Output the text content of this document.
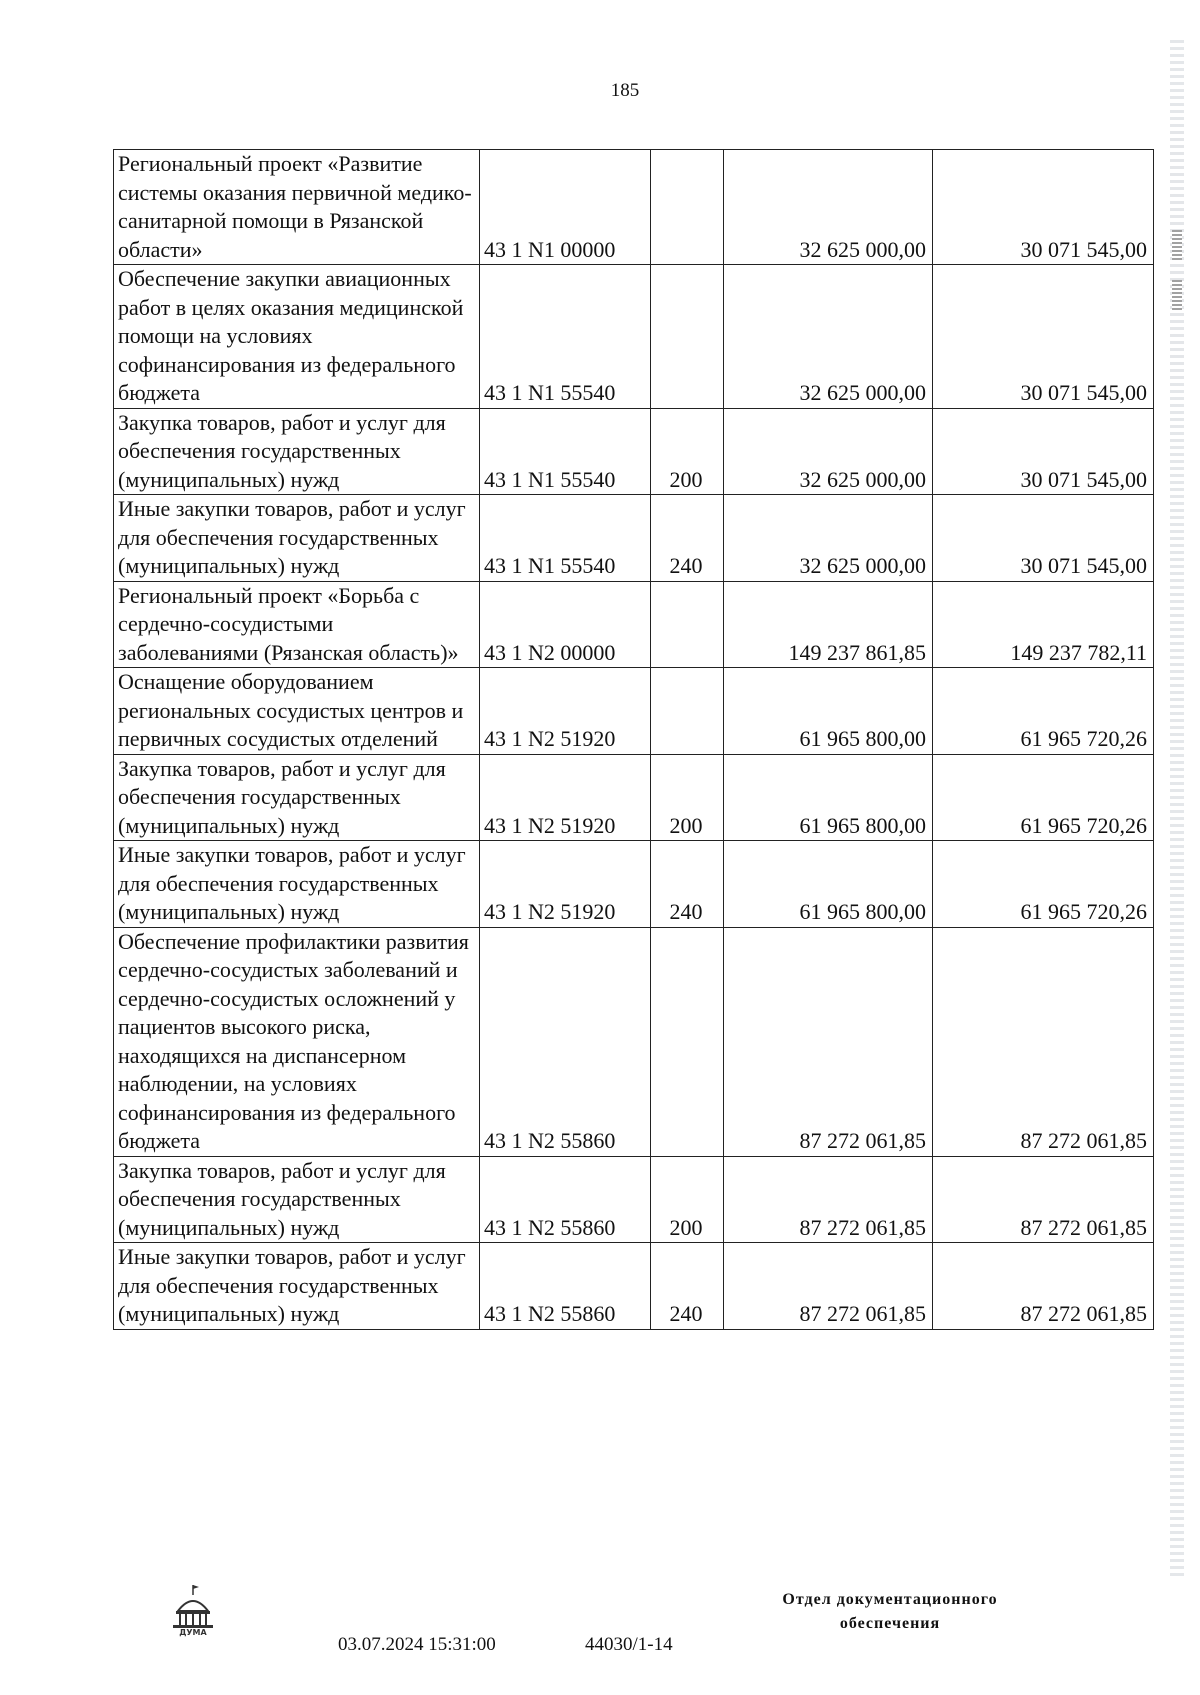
185
Региональный проект «Развитие системы оказания первичной медико-санитарной помощи в Рязанской области»	43 1 N1 00000		32 625 000,00	30 071 545,00
Обеспечение закупки авиационных работ в целях оказания медицинской помощи на условиях софинансирования из федерального бюджета	43 1 N1 55540		32 625 000,00	30 071 545,00
Закупка товаров, работ и услуг для обеспечения государственных (муниципальных) нужд	43 1 N1 55540	200	32 625 000,00	30 071 545,00
Иные закупки товаров, работ и услуг для обеспечения государственных (муниципальных) нужд	43 1 N1 55540	240	32 625 000,00	30 071 545,00
Региональный проект «Борьба с сердечно-сосудистыми заболеваниями (Рязанская область)»	43 1 N2 00000		149 237 861,85	149 237 782,11
Оснащение оборудованием региональных сосудистых центров и первичных сосудистых отделений	43 1 N2 51920		61 965 800,00	61 965 720,26
Закупка товаров, работ и услуг для обеспечения государственных (муниципальных) нужд	43 1 N2 51920	200	61 965 800,00	61 965 720,26
Иные закупки товаров, работ и услуг для обеспечения государственных (муниципальных) нужд	43 1 N2 51920	240	61 965 800,00	61 965 720,26
Обеспечение профилактики развития сердечно-сосудистых заболеваний и сердечно-сосудистых осложнений у пациентов высокого риска, находящихся на диспансерном наблюдении, на условиях софинансирования из федерального бюджета	43 1 N2 55860		87 272 061,85	87 272 061,85
Закупка товаров, работ и услуг для обеспечения государственных (муниципальных) нужд	43 1 N2 55860	200	87 272 061,85	87 272 061,85
Иные закупки товаров, работ и услуг для обеспечения государственных (муниципальных) нужд	43 1 N2 55860	240	87 272 061,85	87 272 061,85
ДУМА
03.07.2024 15:31:00	44030/1-14
Отдел документационного обеспечения
